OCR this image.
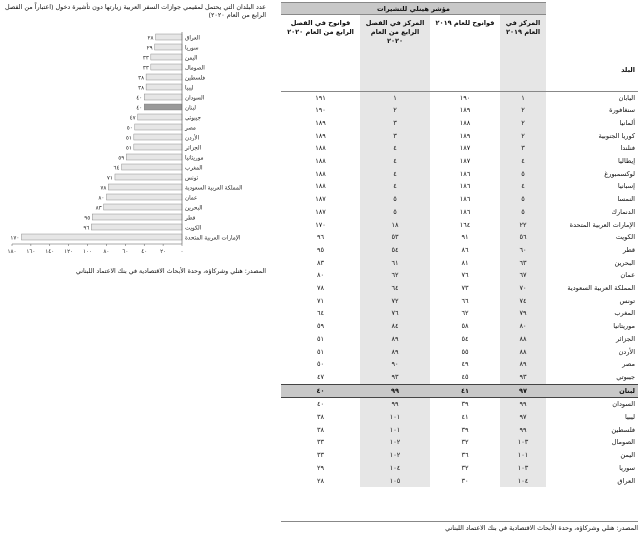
عدد البلدان التي يحتمل لمقيمي جوازات السفر العربية زيارتها دون تأشيرة دخول (اعتباراً من الفصل الرابع من العام ٢٠٢٠)
٢٨	العراق
٢٩	سوريا
٣٣	اليمن
٣٣	الصومال
٣٨	فلسطين
٣٨	ليبيا
٤٠	السودان
٤٠	لبنان
٤٧	جيبوتي
٥٠	مصر
٥١	الأردن
٥١	الجزائر
٥٩	موريتانيا
٦٤	المغرب
٧١	تونس
٧٨	المملكة العربية السعودية
٨٠	عمان
٨٣	البحرين
٩٥	قطر
٩٦	الكويت
١٧٠	الإمارات العربية المتحدة
٠
٢٠
٤٠
٦٠
٨٠
١٠٠
١٢٠
١٤٠
١٦٠
١٨٠
المصدر: هنلي وشركاؤه، وحدة الأبحاث الاقتصادية في بنك الاعتماد اللبناني
	مؤشر هينلي للتشيرات			
البلد	المركز في العام ٢٠١٩	قوانوح للعام ٢٠١٩	المركز في الفصل الرابع من العام ٢٠٢٠	قوانوح في الفصل الرابع من العام ٢٠٢٠
اليابان	١	١٩٠	١	١٩١
سنغافورة	٢	١٨٩	٢	١٩٠
ألمانيا	٢	١٨٨	٣	١٨٩
كوريا الجنوبية	٢	١٨٩	٣	١٨٩
فنلندا	٣	١٨٧	٤	١٨٨
إيطاليا	٤	١٨٧	٤	١٨٨
لوكسمبورغ	٥	١٨٦	٤	١٨٨
إسبانيا	٤	١٨٦	٤	١٨٨
النمسا	٥	١٨٦	٥	١٨٧
الدنمارك	٥	١٨٦	٥	١٨٧
الإمارات العربية المتحدة	٢٢	١٦٤	١٨	١٧٠
الكويت	٥٦	٩١	٥٣	٩٦
قطر	٦٠	٨٦	٥٤	٩٥
البحرين	٦٣	٨١	٦١	٨٣
عمان	٦٧	٧٦	٦٢	٨٠
المملكة العربية السعودية	٧٠	٧٣	٦٤	٧٨
تونس	٧٤	٦٦	٧٢	٧١
المغرب	٧٩	٦٢	٧٦	٦٤
موريتانيا	٨٠	٥٨	٨٤	٥٩
الجزائر	٨٨	٥٤	٨٩	٥١
الأردن	٨٨	٥٥	٨٩	٥١
مصر	٨٩	٤٩	٩٠	٥٠
جيبوتي	٩٣	٤٥	٩٣	٤٧
لبنان	٩٧	٤١	٩٩	٤٠
السودان	٩٩	٣٩	٩٩	٤٠
ليبيا	٩٧	٤١	١٠١	٣٨
فلسطين	٩٩	٣٩	١٠١	٣٨
الصومال	١٠٣	٣٢	١٠٢	٣٣
اليمن	١٠١	٣٦	١٠٢	٣٣
سوريا	١٠٣	٣٢	١٠٤	٢٩
العراق	١٠٤	٣٠	١٠٥	٢٨
المصدر: هنلي وشركاؤه، وحدة الأبحاث الاقتصادية في بنك الاعتماد اللبناني
